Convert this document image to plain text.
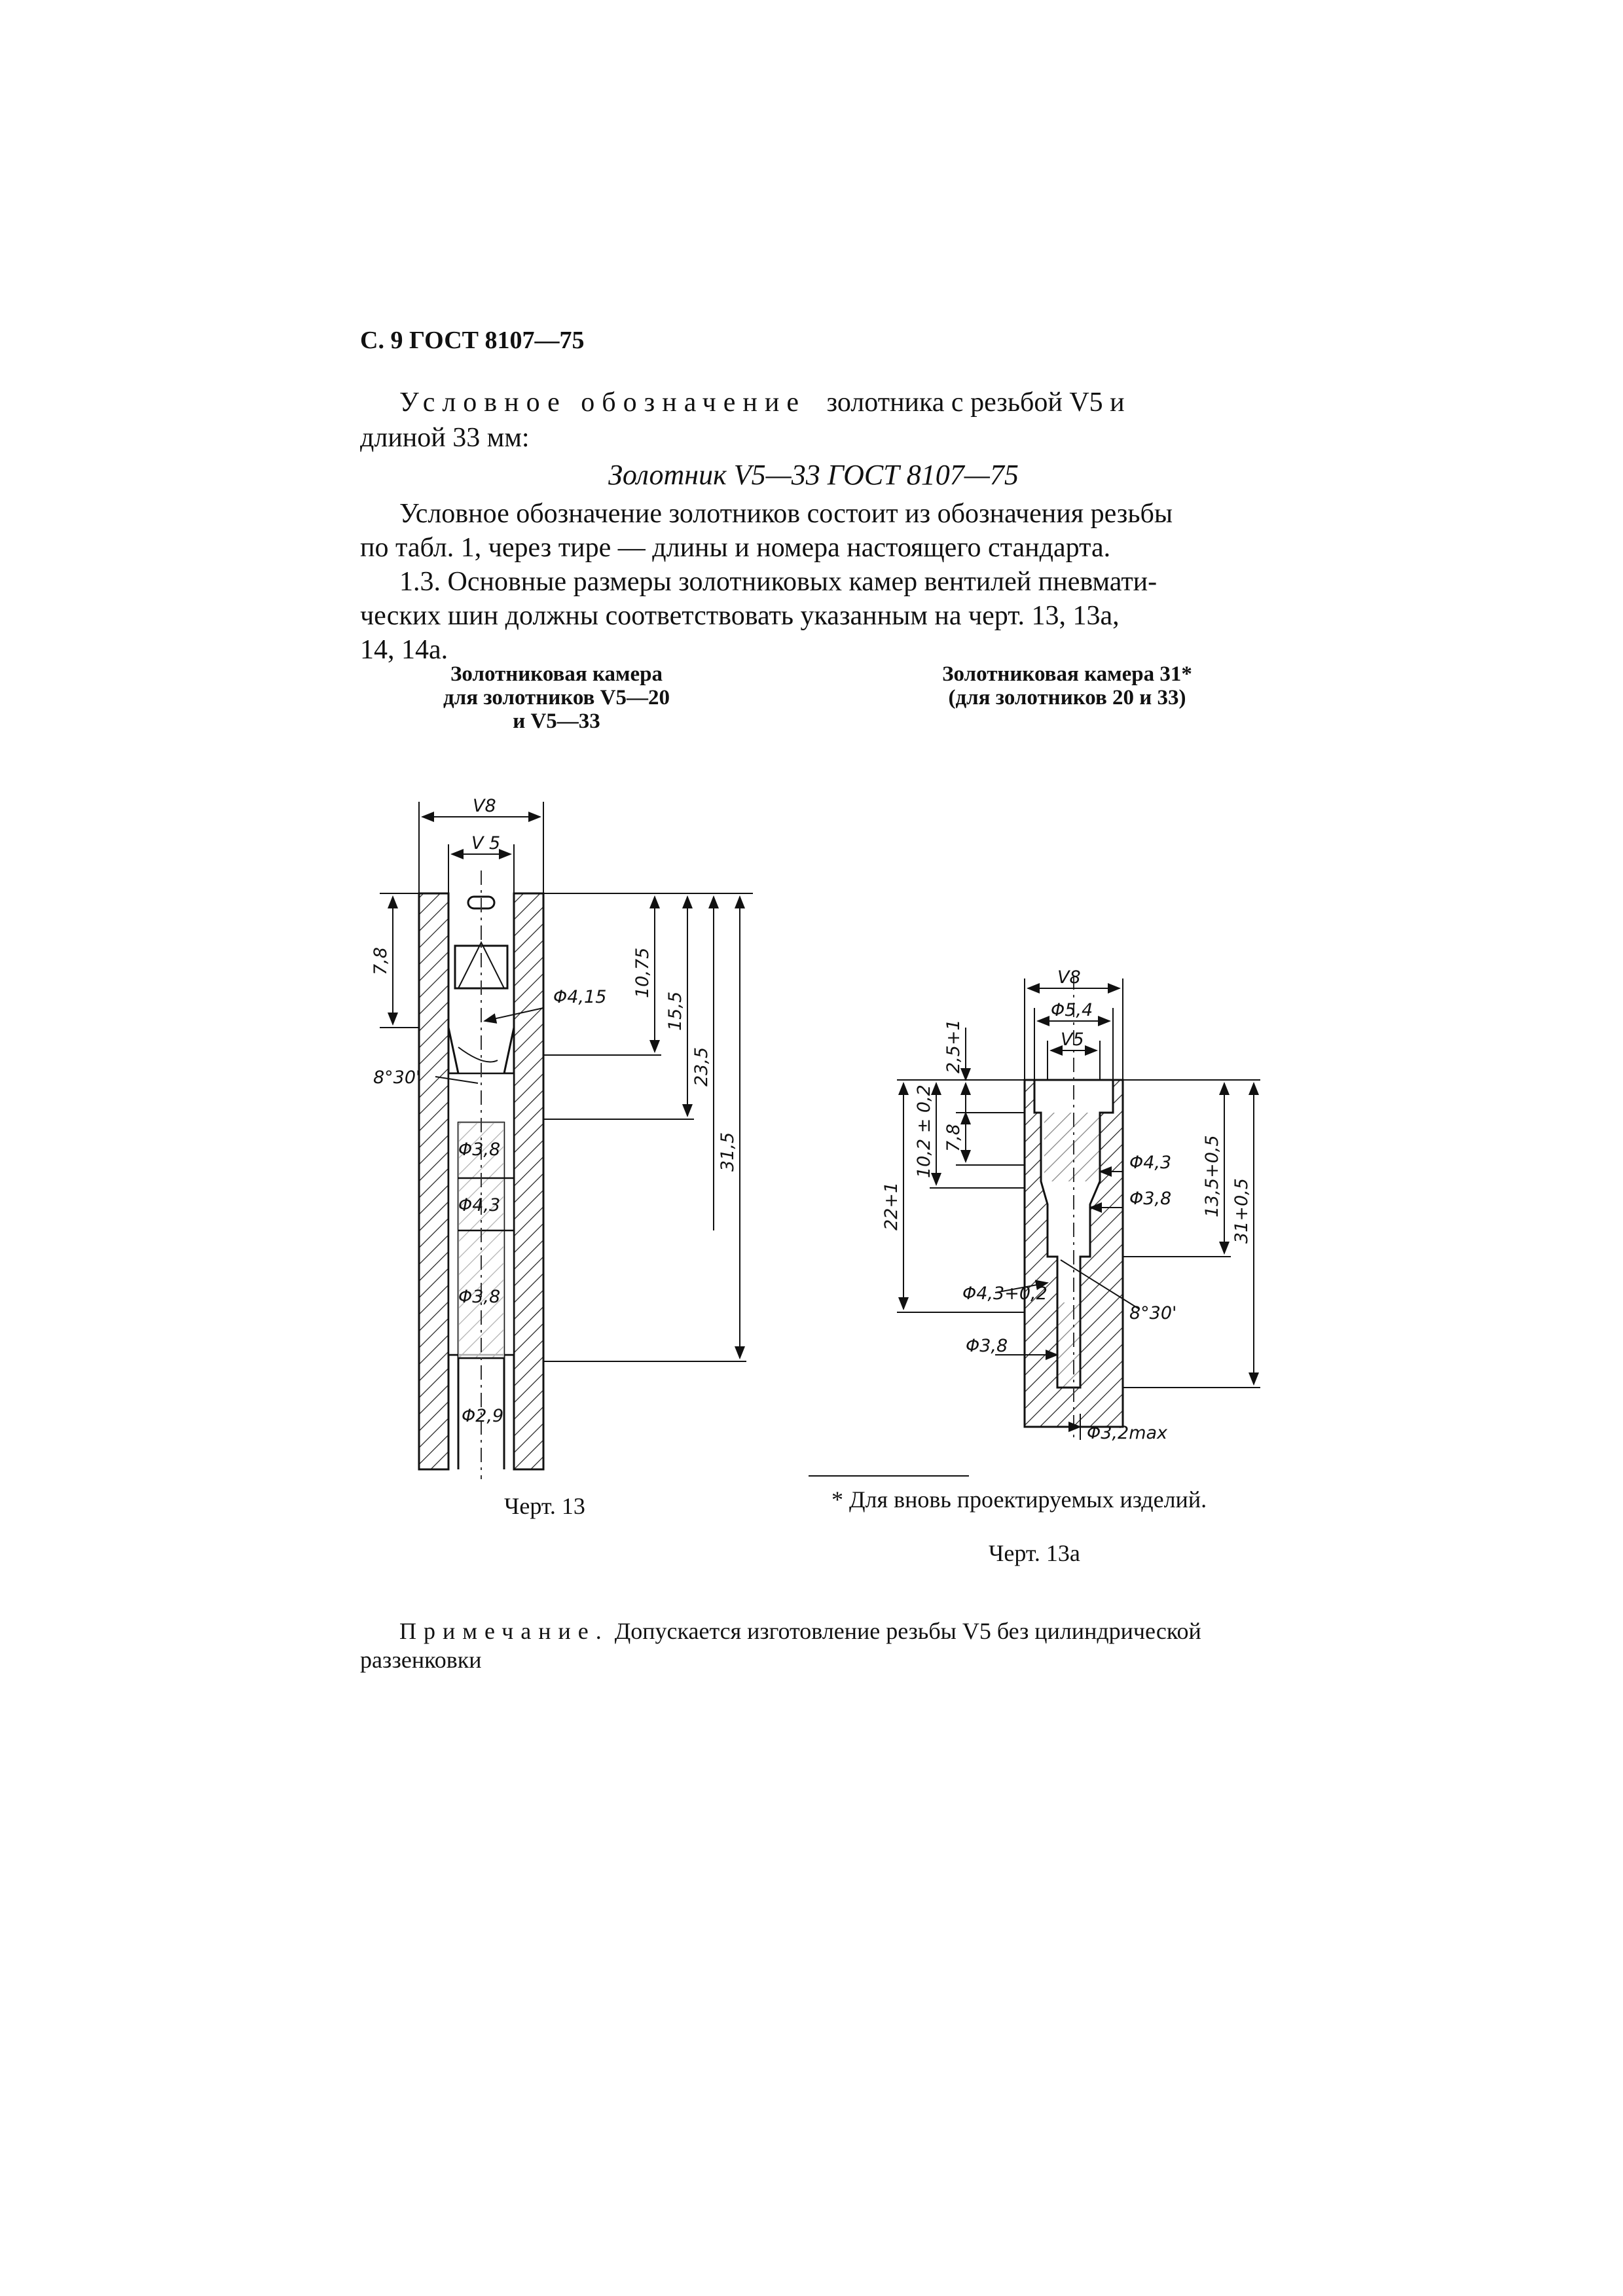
С. 9 ГОСТ 8107—75
Условное обозначение золотника с резьбой V5 и
длиной 33 мм:
Золотник V5—33 ГОСТ 8107—75
Условное обозначение золотников состоит из обозначения резьбы
по табл. 1, через тире — длины и номера настоящего стандарта.
1.3. Основные размеры золотниковых камер вентилей пневмати-
ческих шин должны соответствовать указанным на черт. 13, 13а,
14, 14а.
Золотниковая камера
для золотников V5—20
и V5—33
Золотниковая камера 31*
(для золотников 20 и 33)
V8
V 5
Φ4,15
8°30'
Φ3,8
Φ4,3
Φ3,8
Φ2,9
7,8	10,75
15,5
23,5
31,5
V8
Φ5,4
V5
2,5+1
7,8
10,2 ± 0,2
22+1
Φ4,3
Φ3,8 13,5+0,5 31+0,5
Φ4,3+0,2
8°30'
Φ3,8
Φ3,2max
Черт. 13	* Для вновь проектируемых изделий.
Черт. 13а
Примечание. Допускается изготовление резьбы V5 без цилиндрической
раззенковки
